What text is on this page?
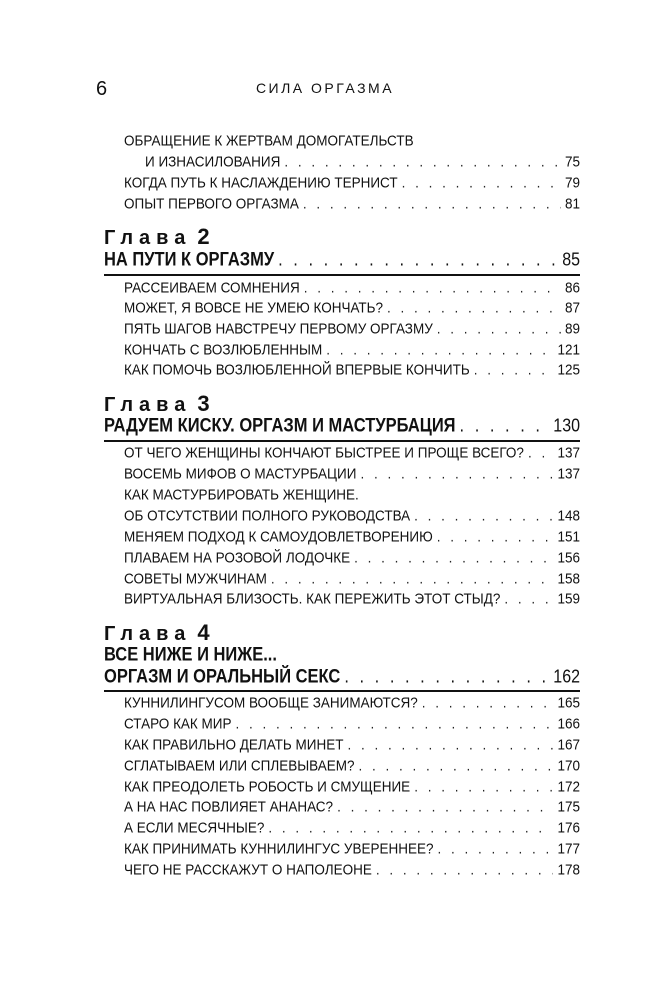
6	СИЛА ОРГАЗМА
ОБРАЩЕНИЕ К ЖЕРТВАМ ДОМОГАТЕЛЬСТВ
И ИЗНАСИЛОВАНИЯ . . .	75
КОГДА ПУТЬ К НАСЛАЖДЕНИЮ ТЕРНИСТ . . .	79
ОПЫТ ПЕРВОГО ОРГАЗМА . . .	81
Глава 2
НА ПУТИ К ОРГАЗМУ . . .	85
РАССЕИВАЕМ СОМНЕНИЯ . . .	86
МОЖЕТ, Я ВОВСЕ НЕ УМЕЮ КОНЧАТЬ? . . .	87
ПЯТЬ ШАГОВ НАВСТРЕЧУ ПЕРВОМУ ОРГАЗМУ . . .	89
КОНЧАТЬ С ВОЗЛЮБЛЕННЫМ . . .	121
КАК ПОМОЧЬ ВОЗЛЮБЛЕННОЙ ВПЕРВЫЕ КОНЧИТЬ . . .	125
Глава 3
РАДУЕМ КИСКУ. ОРГАЗМ И МАСТУРБАЦИЯ . . .	130
ОТ ЧЕГО ЖЕНЩИНЫ КОНЧАЮТ БЫСТРЕЕ И ПРОЩЕ ВСЕГО? . . . 137
ВОСЕМЬ МИФОВ О МАСТУРБАЦИИ . . .	137
КАК МАСТУРБИРОВАТЬ ЖЕНЩИНЕ.
ОБ ОТСУТСТВИИ ПОЛНОГО РУКОВОДСТВА . . .	148
МЕНЯЕМ ПОДХОД К САМОУДОВЛЕТВОРЕНИЮ . . .	151
ПЛАВАЕМ НА РОЗОВОЙ ЛОДОЧКЕ . . .	156
СОВЕТЫ МУЖЧИНАМ . . .	158
ВИРТУАЛЬНАЯ БЛИЗОСТЬ. КАК ПЕРЕЖИТЬ ЭТОТ СТЫД? . . .	159
Глава 4
ВСЕ НИЖЕ И НИЖЕ...
ОРГАЗМ И ОРАЛЬНЫЙ СЕКС . . .	162
КУННИЛИНГУСОМ ВООБЩЕ ЗАНИМАЮТСЯ? . . .	165
СТАРО КАК МИР . . .	166
КАК ПРАВИЛЬНО ДЕЛАТЬ МИНЕТ . . .	167
СГЛАТЫВАЕМ ИЛИ СПЛЕВЫВАЕМ? . . .	170
КАК ПРЕОДОЛЕТЬ РОБОСТЬ И СМУЩЕНИЕ . . .	172
А НА НАС ПОВЛИЯЕТ АНАНАС? . . .	175
А ЕСЛИ МЕСЯЧНЫЕ? . . .	176
КАК ПРИНИМАТЬ КУННИЛИНГУС УВЕРЕННЕЕ? . . .	177
ЧЕГО НЕ РАССКАЖУТ О НАПОЛЕОНЕ . . .	178
